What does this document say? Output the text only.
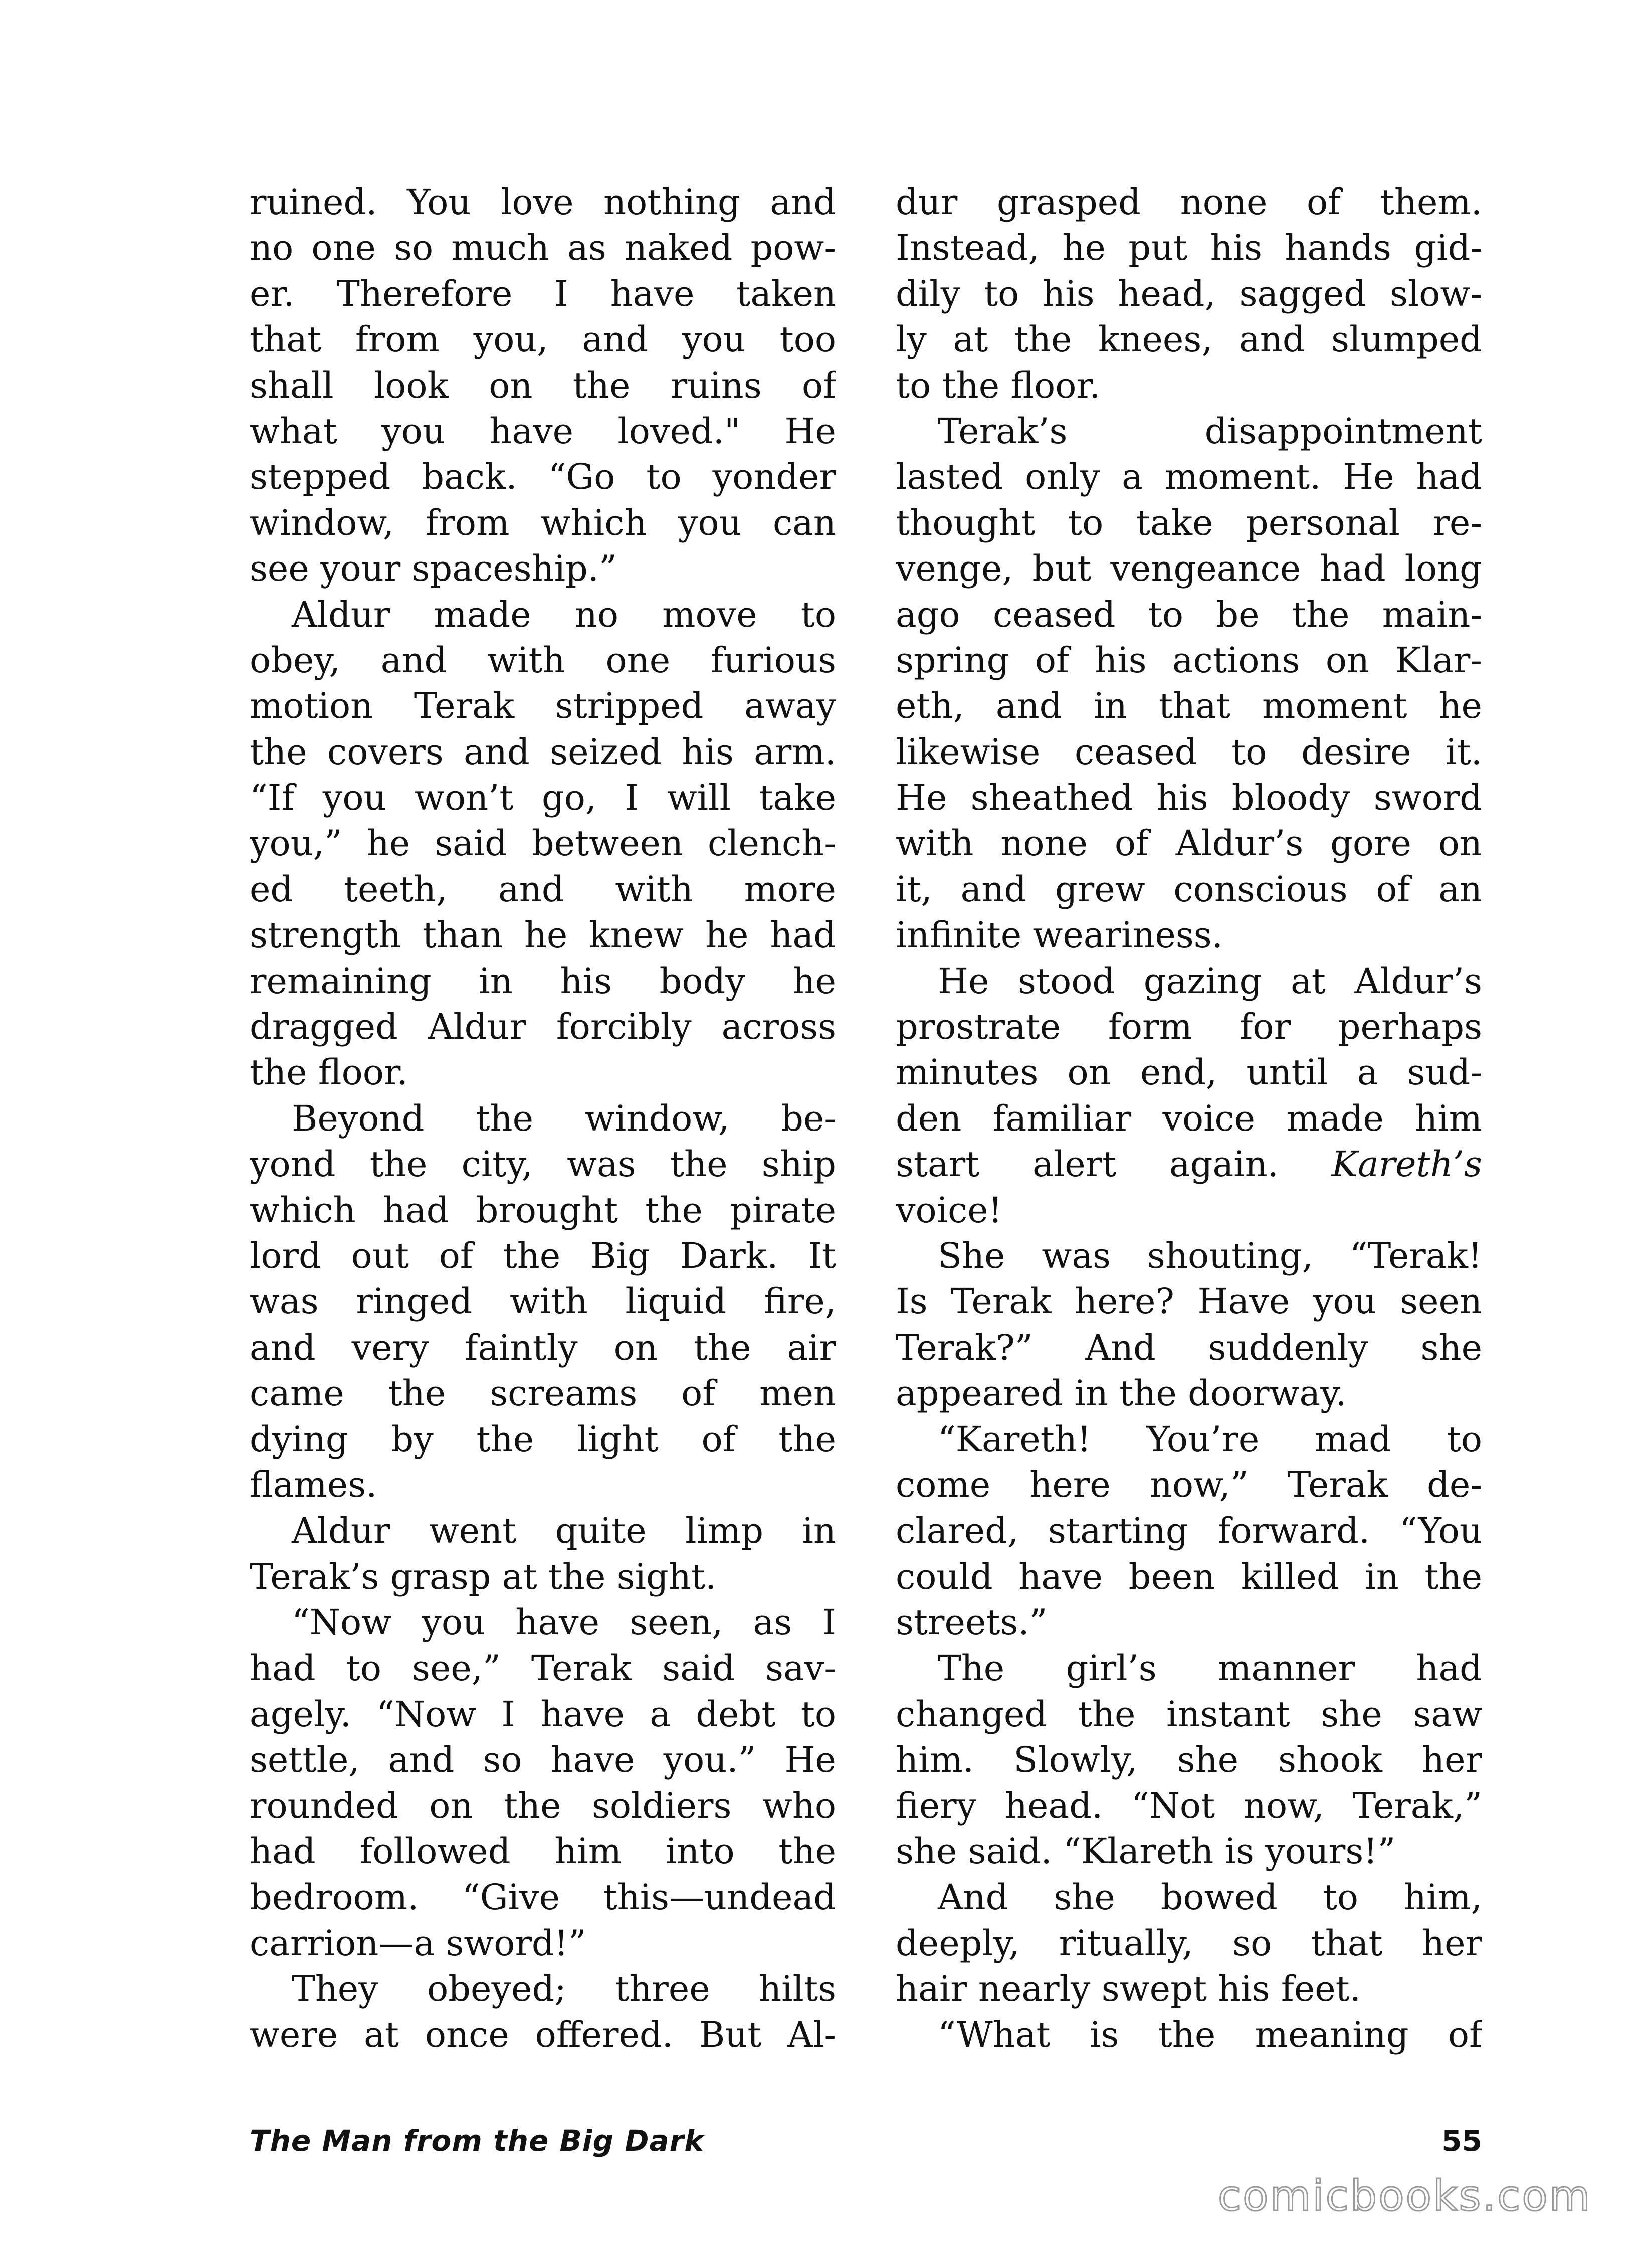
ruined. You love nothing and
no one so much as naked pow-
er. Therefore I have taken
that from you, and you too
shall look on the ruins of
what you have loved." He
stepped back. “Go to yonder
window, from which you can
see your spaceship.”
Aldur made no move to
obey, and with one furious
motion Terak stripped away
the covers and seized his arm.
“If you won’t go, I will take
you,” he said between clench-
ed teeth, and with more
strength than he knew he had
remaining in his body he
dragged Aldur forcibly across
the floor.
Beyond the window, be-
yond the city, was the ship
which had brought the pirate
lord out of the Big Dark. It
was ringed with liquid fire,
and very faintly on the air
came the screams of men
dying by the light of the
flames.
Aldur went quite limp in
Terak’s grasp at the sight.
“Now you have seen, as I
had to see,” Terak said sav-
agely. “Now I have a debt to
settle, and so have you.” He
rounded on the soldiers who
had followed him into the
bedroom. “Give this—undead
carrion—a sword!”
They obeyed; three hilts
were at once offered. But Al-
dur grasped none of them.
Instead, he put his hands gid-
dily to his head, sagged slow-
ly at the knees, and slumped
to the floor.
Terak’s disappointment
lasted only a moment. He had
thought to take personal re-
venge, but vengeance had long
ago ceased to be the main-
spring of his actions on Klar-
eth, and in that moment he
likewise ceased to desire it.
He sheathed his bloody sword
with none of Aldur’s gore on
it, and grew conscious of an
infinite weariness.
He stood gazing at Aldur’s
prostrate form for perhaps
minutes on end, until a sud-
den familiar voice made him
start alert again. Kareth’s
voice!
She was shouting, “Terak!
Is Terak here? Have you seen
Terak?” And suddenly she
appeared in the doorway.
“Kareth! You’re mad to
come here now,” Terak de-
clared, starting forward. “You
could have been killed in the
streets.”
The girl’s manner had
changed the instant she saw
him. Slowly, she shook her
fiery head. “Not now, Terak,”
she said. “Klareth is yours!”
And she bowed to him,
deeply, ritually, so that her
hair nearly swept his feet.
“What is the meaning of
The Man from the Big Dark	55
comicbooks.com
